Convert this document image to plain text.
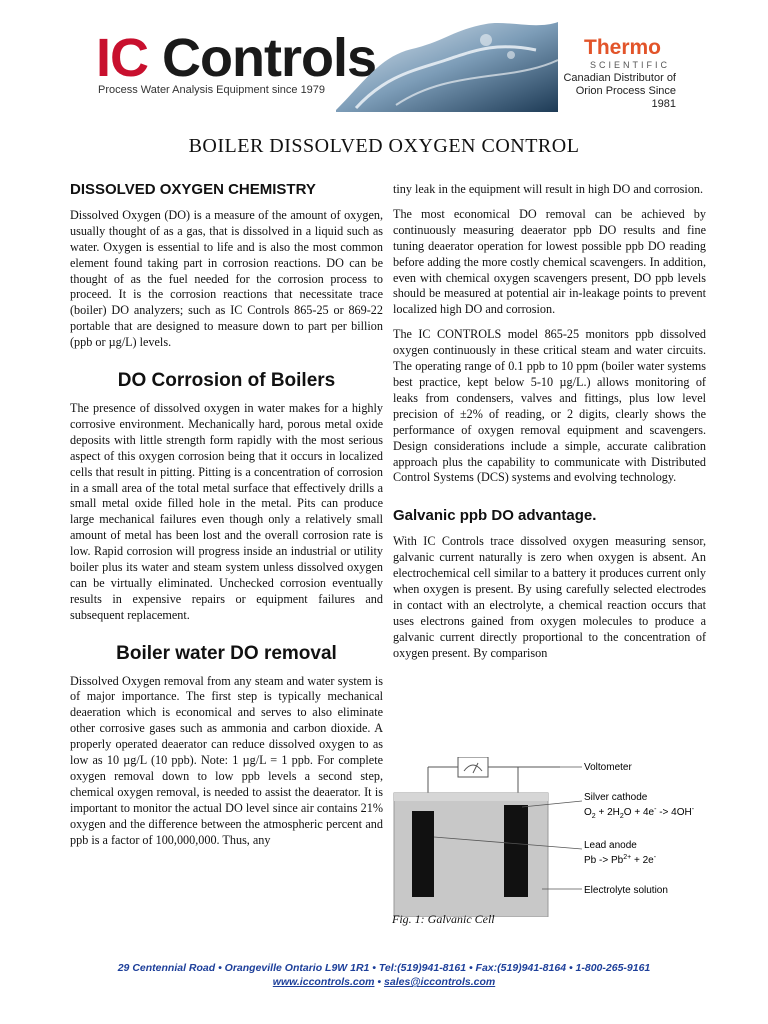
IC Controls
Process Water Analysis Equipment since 1979
Thermo
SCIENTIFIC
Canadian Distributor of
Orion Process Since 1981
BOILER DISSOLVED OXYGEN CONTROL
DISSOLVED OXYGEN CHEMISTRY

Dissolved Oxygen (DO) is a measure of the amount of oxygen, usually thought of as a gas, that is dissolved in a liquid such as water. Oxygen is essential to life and is also the most common element found taking part in corrosion reactions. DO can be thought of as the fuel needed for the corrosion process to proceed. It is the corrosion reactions that necessitate trace (boiler) DO analyzers; such as IC Controls 865-25 or 869-22 portable that are designed to measure down to part per billion (ppb or µg/L) levels.

DO Corrosion of Boilers

The presence of dissolved oxygen in water makes for a highly corrosive environment. Mechanically hard, porous metal oxide deposits with little strength form rapidly with the most serious aspect of this oxygen corrosion being that it occurs in localized cells that result in pitting. Pitting is a concentration of corrosion in a small area of the total metal surface that effectively drills a small metal oxide filled hole in the metal. Pits can produce large mechanical failures even though only a relatively small amount of metal has been lost and the overall corrosion rate is low. Rapid corrosion will progress inside an industrial or utility boiler plus its water and steam system unless dissolved oxygen can be virtually eliminated. Unchecked corrosion eventually results in expensive repairs or equipment failures and subsequent replacement.

Boiler water DO removal

Dissolved Oxygen removal from any steam and water system is of major importance. The first step is typically mechanical deaeration which is economical and serves to also eliminate other corrosive gases such as ammonia and carbon dioxide. A properly operated deaerator can reduce dissolved oxygen to as low as 10 µg/L (10 ppb). Note: 1 µg/L = 1 ppb. For complete oxygen removal down to low ppb levels a second step, chemical oxygen removal, is needed to assist the deaerator. It is important to monitor the actual DO level since air contains 21% oxygen and the difference between the atmospheric percent and ppb is a factor of 100,000,000. Thus, any

tiny leak in the equipment will result in high DO and corrosion.

The most economical DO removal can be achieved by continuously measuring deaerator ppb DO results and fine tuning deaerator operation for lowest possible ppb DO reading before adding the more costly chemical scavengers. In addition, even with chemical oxygen scavengers present, DO ppb levels should be measured at potential air in-leakage points to prevent localized high DO and corrosion.

The IC CONTROLS model 865-25 monitors ppb dissolved oxygen continuously in these critical steam and water circuits. The operating range of 0.1 ppb to 10 ppm (boiler water systems best practice, kept below 5-10 µg/L.) allows monitoring of leaks from condensers, valves and fittings, plus low level precision of ±2% of reading, or 2 digits, clearly shows the performance of oxygen removal equipment and scavengers. Design considerations include a simple, accurate calibration approach plus the capability to communicate with Distributed Control Systems (DCS) systems and evolving technology.

Galvanic ppb DO advantage.

With IC Controls trace dissolved oxygen measuring sensor, galvanic current naturally is zero when oxygen is absent. An electrochemical cell similar to a battery it produces current only when oxygen is present. By using carefully selected electrodes in contact with an electrolyte, a chemical reaction occurs that uses electrons gained from oxygen molecules to produce a galvanic current directly proportional to the concentration of oxygen present. By comparison

Voltometer
Silver cathode
$O_2 + 2H_2O + 4e^- -> 4OH^-$
Lead anode
$Pb -> Pb^{2+} + 2e^-$
Electrolyte solution
Fig. 1: Galvanic Cell
29 Centennial Road • Orangeville Ontario L9W 1R1 • Tel:(519)941-8161 • Fax:(519)941-8164 • 1-800-265-9161
www.iccontrols.com • sales@iccontrols.com
